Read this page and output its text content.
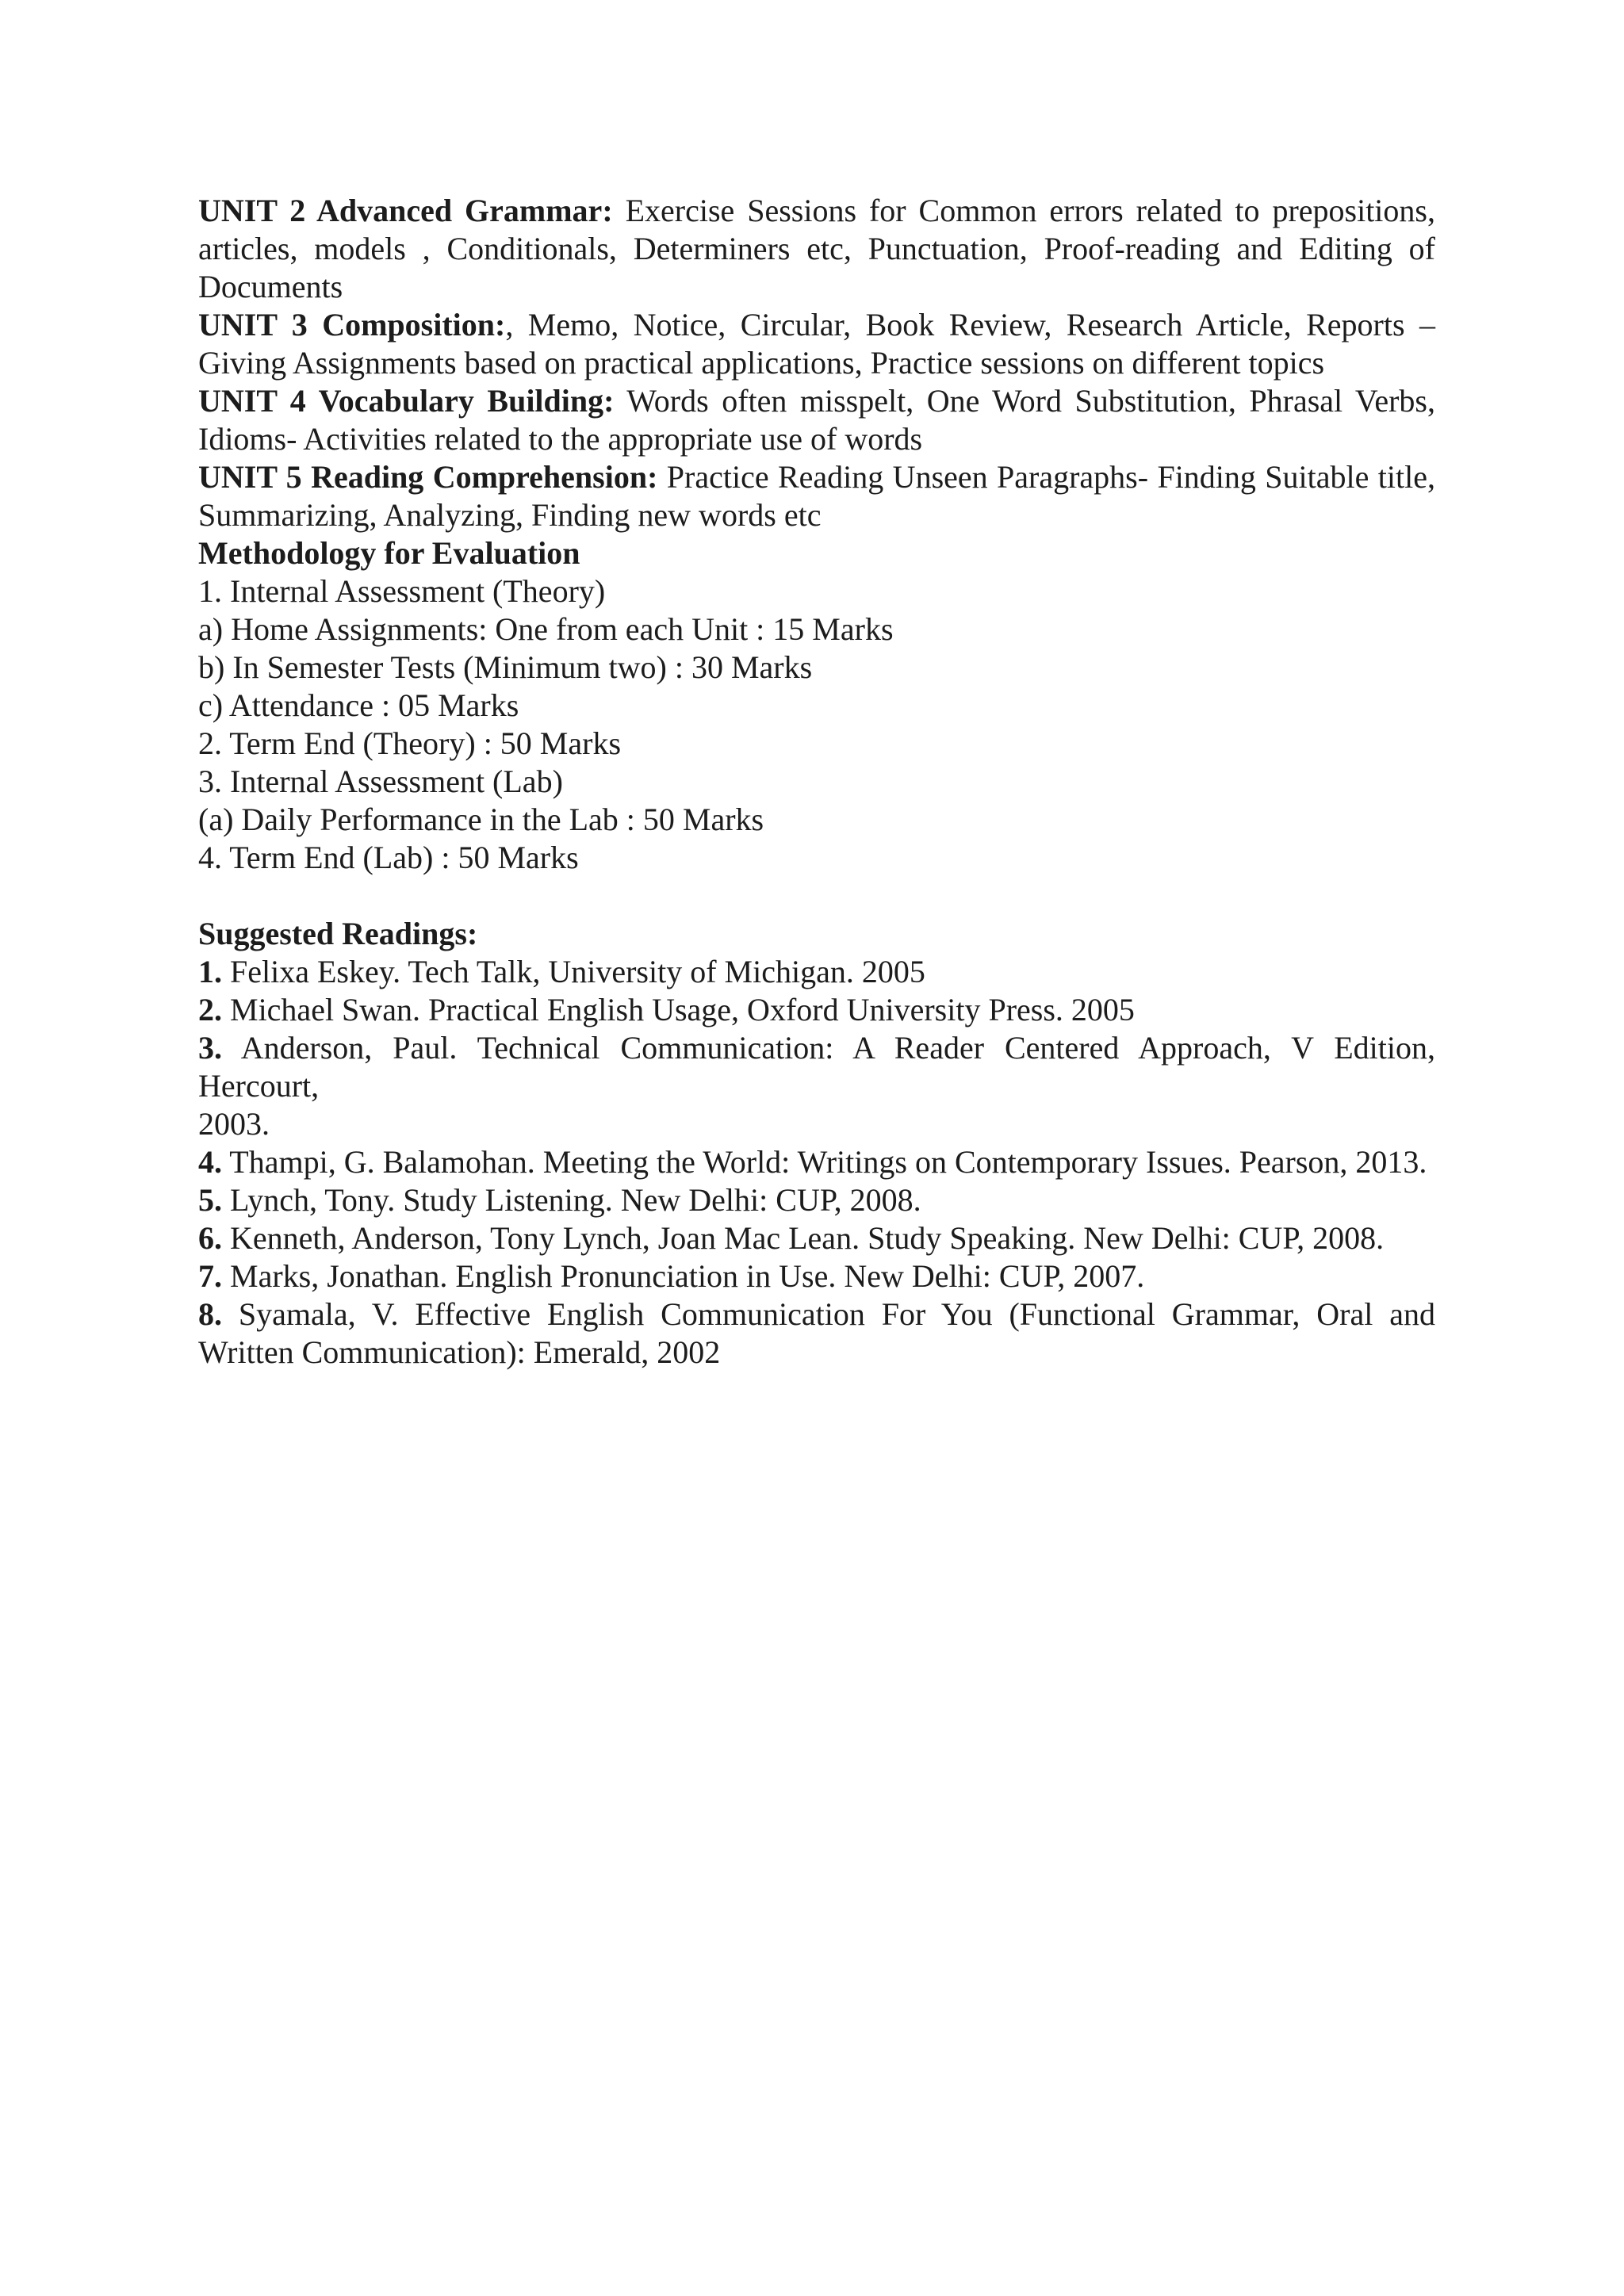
UNIT 2 Advanced Grammar: Exercise Sessions for Common errors related to prepositions, articles, models , Conditionals, Determiners etc, Punctuation, Proof-reading and Editing of Documents

UNIT 3 Composition:, Memo, Notice, Circular, Book Review, Research Article, Reports – Giving Assignments based on practical applications, Practice sessions on different topics

UNIT 4 Vocabulary Building: Words often misspelt, One Word Substitution, Phrasal Verbs, Idioms- Activities related to the appropriate use of words

UNIT 5 Reading Comprehension: Practice Reading Unseen Paragraphs- Finding Suitable title, Summarizing, Analyzing, Finding new words etc

Methodology for Evaluation

1. Internal Assessment (Theory)

a) Home Assignments: One from each Unit : 15 Marks

b) In Semester Tests (Minimum two) : 30 Marks

c) Attendance : 05 Marks

2. Term End (Theory) : 50 Marks

3. Internal Assessment (Lab)

(a) Daily Performance in the Lab : 50 Marks

4. Term End (Lab) : 50 Marks

Suggested Readings:

1. Felixa Eskey. Tech Talk, University of Michigan. 2005

2. Michael Swan. Practical English Usage, Oxford University Press. 2005

3. Anderson, Paul. Technical Communication: A Reader Centered Approach, V Edition, Hercourt,

2003.

4. Thampi, G. Balamohan. Meeting the World: Writings on Contemporary Issues. Pearson, 2013.

5. Lynch, Tony. Study Listening. New Delhi: CUP, 2008.

6. Kenneth, Anderson, Tony Lynch, Joan Mac Lean. Study Speaking. New Delhi: CUP, 2008.

7. Marks, Jonathan. English Pronunciation in Use. New Delhi: CUP, 2007.

8. Syamala, V. Effective English Communication For You (Functional Grammar, Oral and Written Communication): Emerald, 2002
